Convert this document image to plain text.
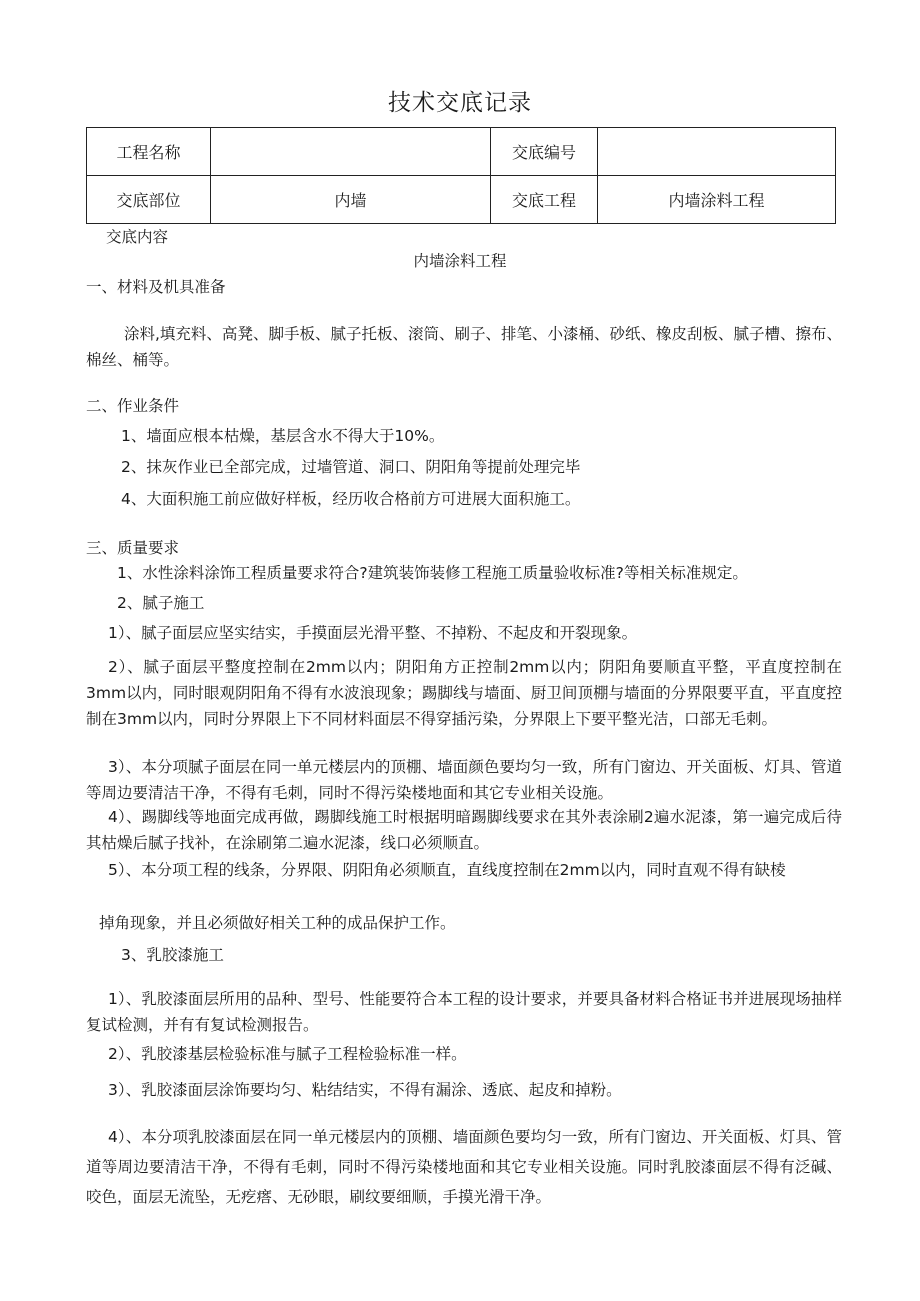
技术交底记录
工程名称		交底编号	
交底部位	内墙	交底工程	内墙涂料工程
交底内容
内墙涂料工程
一、材料及机具准备
涂料,填充料、高凳、脚手板、腻子托板、滚筒、刷子、排笔、小漆桶、砂纸、橡皮刮板、腻子槽、擦布、棉丝、桶等。
二、作业条件
1、墙面应根本枯燥，基层含水不得大于10%。
2、抹灰作业已全部完成，过墙管道、洞口、阴阳角等提前处理完毕
4、大面积施工前应做好样板，经历收合格前方可进展大面积施工。
三、质量要求
1、水性涂料涂饰工程质量要求符合?建筑装饰装修工程施工质量验收标准?等相关标准规定。
2、腻子施工
1）、腻子面层应坚实结实，手摸面层光滑平整、不掉粉、不起皮和开裂现象。
2）、腻子面层平整度控制在2mm以内；阴阳角方正控制2mm以内；阴阳角要顺直平整，平直度控制在3mm以内，同时眼观阴阳角不得有水波浪现象；踢脚线与墙面、厨卫间顶棚与墙面的分界限要平直，平直度控制在3mm以内，同时分界限上下不同材料面层不得穿插污染，分界限上下要平整光洁，口部无毛刺。
3）、本分项腻子面层在同一单元楼层内的顶棚、墙面颜色要均匀一致，所有门窗边、开关面板、灯具、管道等周边要清洁干净，不得有毛刺，同时不得污染楼地面和其它专业相关设施。
4）、踢脚线等地面完成再做，踢脚线施工时根据明暗踢脚线要求在其外表涂刷2遍水泥漆，第一遍完成后待其枯燥后腻子找补，在涂刷第二遍水泥漆，线口必须顺直。
5）、本分项工程的线条，分界限、阴阳角必须顺直，直线度控制在2mm以内，同时直观不得有缺棱
掉角现象，并且必须做好相关工种的成品保护工作。
3、乳胶漆施工
1）、乳胶漆面层所用的品种、型号、性能要符合本工程的设计要求，并要具备材料合格证书并进展现场抽样复试检测，并有有复试检测报告。
2）、乳胶漆基层检验标准与腻子工程检验标准一样。
3）、乳胶漆面层涂饰要均匀、粘结结实，不得有漏涂、透底、起皮和掉粉。
4）、本分项乳胶漆面层在同一单元楼层内的顶棚、墙面颜色要均匀一致，所有门窗边、开关面板、灯具、管道等周边要清洁干净，不得有毛刺，同时不得污染楼地面和其它专业相关设施。同时乳胶漆面层不得有泛碱、咬色，面层无流坠，无疙瘩、无砂眼，刷纹要细顺，手摸光滑干净。
